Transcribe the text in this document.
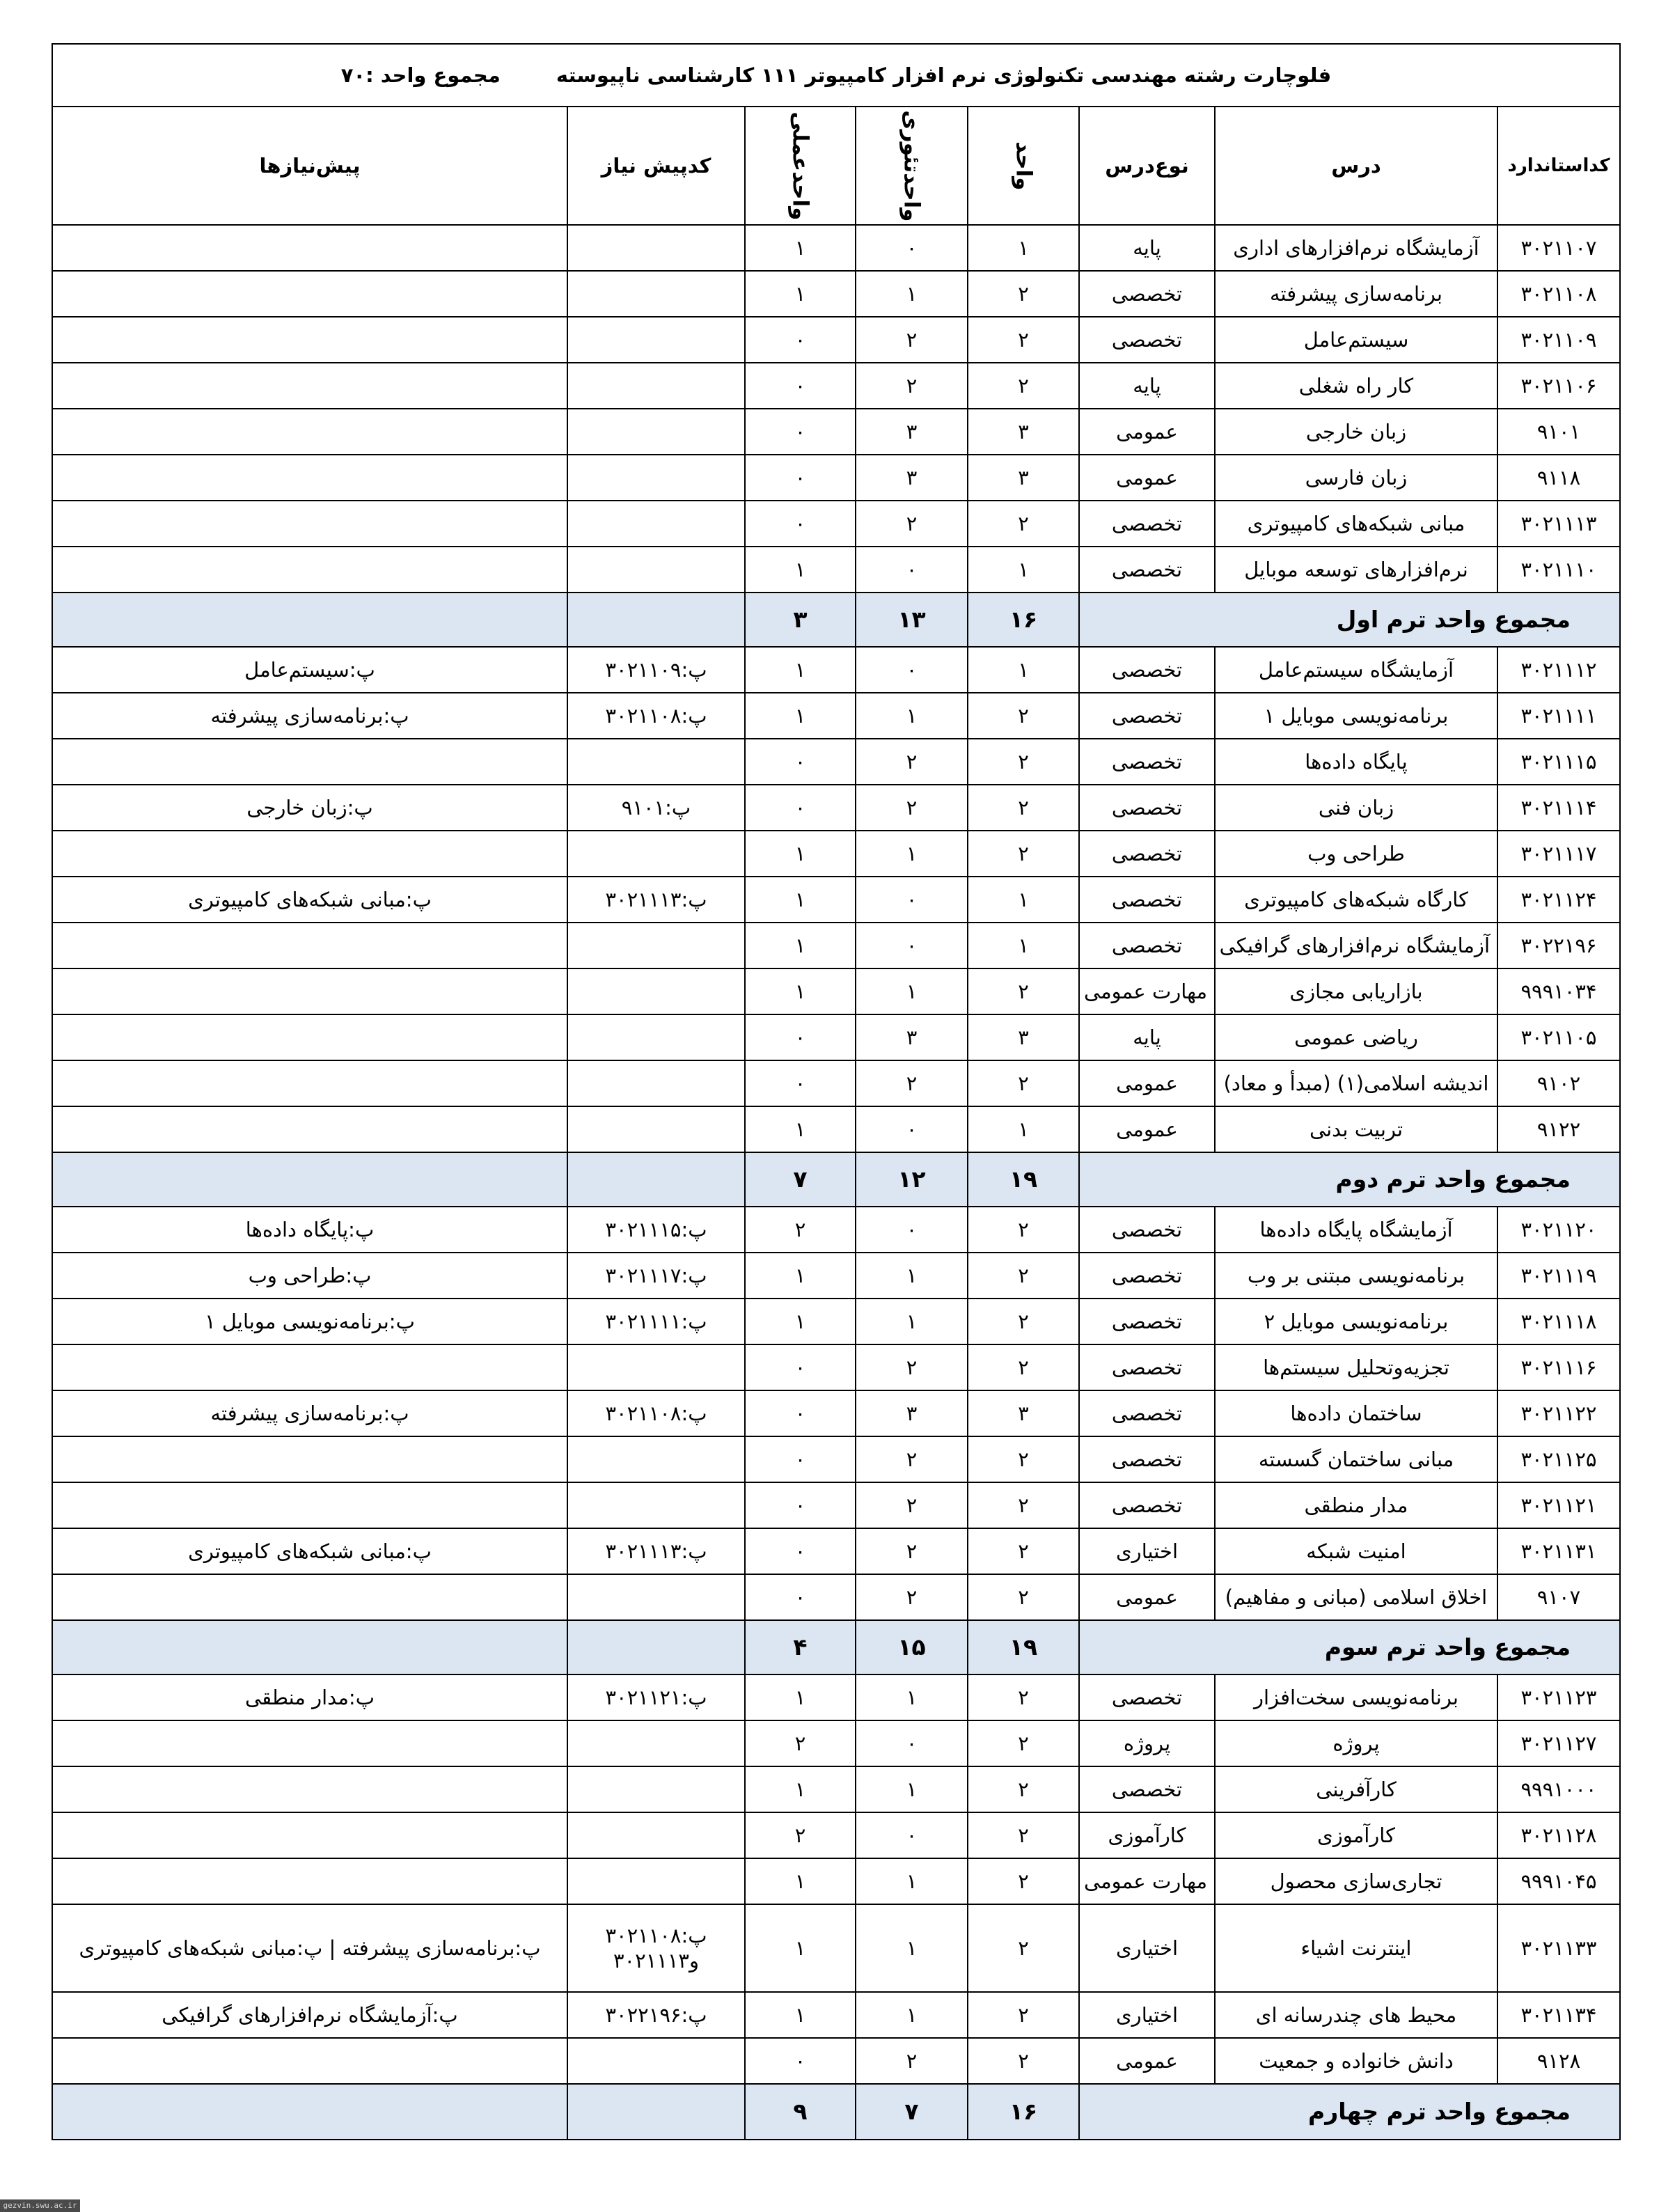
فلوچارت رشته مهندسی تکنولوژی نرم افزار کامپیوتر ۱۱۱ کارشناسی ناپیوسته مجموع واحد :۷۰							
کداستاندارد	درس	نوع‌درس	واحد	واحدتئوری	واحدعملی	کدپیش نیاز	پیش‌نیازها
۳۰۲۱۱۰۷	آزمایشگاه نرم‌افزارهای اداری	پایه	۱	۰	۱		
۳۰۲۱۱۰۸	برنامه‌سازی پیشرفته	تخصصی	۲	۱	۱		
۳۰۲۱۱۰۹	سیستم‌عامل	تخصصی	۲	۲	۰		
۳۰۲۱۱۰۶	کار راه شغلی	پایه	۲	۲	۰		
۹۱۰۱	زبان خارجی	عمومی	۳	۳	۰		
۹۱۱۸	زبان فارسی	عمومی	۳	۳	۰		
۳۰۲۱۱۱۳	مبانی شبکه‌های کامپیوتری	تخصصی	۲	۲	۰		
۳۰۲۱۱۱۰	نرم‌افزارهای توسعه موبایل	تخصصی	۱	۰	۱		
مجموع واحد ترم اول			۱۶	۱۳	۳		
۳۰۲۱۱۱۲	آزمایشگاه سیستم‌عامل	تخصصی	۱	۰	۱	پ:۳۰۲۱۱۰۹	پ:سیستم‌عامل
۳۰۲۱۱۱۱	برنامه‌نویسی موبایل ۱	تخصصی	۲	۱	۱	پ:۳۰۲۱۱۰۸	پ:برنامه‌سازی پیشرفته
۳۰۲۱۱۱۵	پایگاه داده‌ها	تخصصی	۲	۲	۰		
۳۰۲۱۱۱۴	زبان فنی	تخصصی	۲	۲	۰	پ:۹۱۰۱	پ:زبان خارجی
۳۰۲۱۱۱۷	طراحی وب	تخصصی	۲	۱	۱		
۳۰۲۱۱۲۴	کارگاه شبکه‌های کامپیوتری	تخصصی	۱	۰	۱	پ:۳۰۲۱۱۱۳	پ:مبانی شبکه‌های کامپیوتری
۳۰۲۲۱۹۶	آزمایشگاه نرم‌افزارهای گرافیکی	تخصصی	۱	۰	۱		
۹۹۹۱۰۳۴	بازاریابی مجازی	مهارت عمومی	۲	۱	۱		
۳۰۲۱۱۰۵	ریاضی عمومی	پایه	۳	۳	۰		
۹۱۰۲	اندیشه اسلامی(۱) (مبدأ و معاد)	عمومی	۲	۲	۰		
۹۱۲۲	تربیت بدنی	عمومی	۱	۰	۱		
مجموع واحد ترم دوم			۱۹	۱۲	۷		
۳۰۲۱۱۲۰	آزمایشگاه پایگاه داده‌ها	تخصصی	۲	۰	۲	پ:۳۰۲۱۱۱۵	پ:پایگاه داده‌ها
۳۰۲۱۱۱۹	برنامه‌نویسی مبتنی بر وب	تخصصی	۲	۱	۱	پ:۳۰۲۱۱۱۷	پ:طراحی وب
۳۰۲۱۱۱۸	برنامه‌نویسی موبایل ۲	تخصصی	۲	۱	۱	پ:۳۰۲۱۱۱۱	پ:برنامه‌نویسی موبایل ۱
۳۰۲۱۱۱۶	تجزیه‌وتحلیل سیستم‌ها	تخصصی	۲	۲	۰		
۳۰۲۱۱۲۲	ساختمان داده‌ها	تخصصی	۳	۳	۰	پ:۳۰۲۱۱۰۸	پ:برنامه‌سازی پیشرفته
۳۰۲۱۱۲۵	مبانی ساختمان گسسته	تخصصی	۲	۲	۰		
۳۰۲۱۱۲۱	مدار منطقی	تخصصی	۲	۲	۰		
۳۰۲۱۱۳۱	امنیت شبکه	اختیاری	۲	۲	۰	پ:۳۰۲۱۱۱۳	پ:مبانی شبکه‌های کامپیوتری
۹۱۰۷	اخلاق اسلامی (مبانی و مفاهیم)	عمومی	۲	۲	۰		
مجموع واحد ترم سوم			۱۹	۱۵	۴		
۳۰۲۱۱۲۳	برنامه‌نویسی سخت‌افزار	تخصصی	۲	۱	۱	پ:۳۰۲۱۱۲۱	پ:مدار منطقی
۳۰۲۱۱۲۷	پروژه	پروژه	۲	۰	۲		
۹۹۹۱۰۰۰	کارآفرینی	تخصصی	۲	۱	۱		
۳۰۲۱۱۲۸	کارآموزی	کارآموزی	۲	۰	۲		
۹۹۹۱۰۴۵	تجاری‌سازی محصول	مهارت عمومی	۲	۱	۱		
۳۰۲۱۱۳۳	اینترنت اشیاء	اختیاری	۲	۱	۱	پ:۳۰۲۱۱۰۸ و۳۰۲۱۱۱۳	پ:برنامه‌سازی پیشرفته | پ:مبانی شبکه‌های کامپیوتری
۳۰۲۱۱۳۴	محیط های چندرسانه ای	اختیاری	۲	۱	۱	پ:۳۰۲۲۱۹۶	پ:آزمایشگاه نرم‌افزارهای گرافیکی
۹۱۲۸	دانش خانواده و جمعیت	عمومی	۲	۲	۰		
مجموع واحد ترم چهارم			۱۶	۷	۹		
gezvin.swu.ac.ir
